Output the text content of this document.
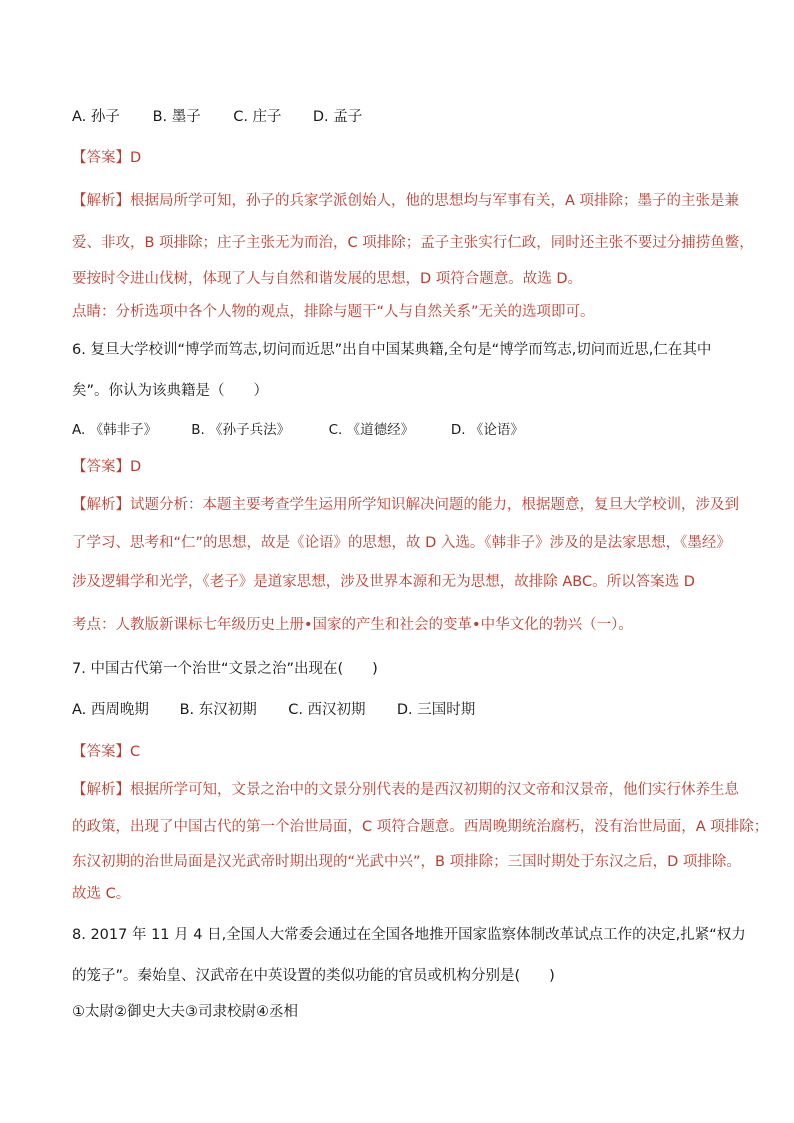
A. 孙子 B. 墨子 C. 庄子 D. 孟子
【答案】D
【解析】根据局所学可知，孙子的兵家学派创始人，他的思想均与军事有关，A 项排除；墨子的主张是兼
爱、非攻，B 项排除；庄子主张无为而治，C 项排除；孟子主张实行仁政，同时还主张不要过分捕捞鱼鳖，
要按时令进山伐树，体现了人与自然和谐发展的思想，D 项符合题意。故选 D。
点睛：分析选项中各个人物的观点，排除与题干“人与自然关系”无关的选项即可。
6. 复旦大学校训“博学而笃志,切问而近思”出自中国某典籍,全句是“博学而笃志,切问而近思,仁在其中
矣”。你认为该典籍是（　　）
A. 《韩非子》	B. 《孙子兵法》	C. 《道德经》	D. 《论语》
【答案】D
【解析】试题分析：本题主要考查学生运用所学知识解决问题的能力，根据题意，复旦大学校训，涉及到
了学习、思考和“仁”的思想，故是《论语》的思想，故 D 入选。《韩非子》涉及的是法家思想，《墨经》
涉及逻辑学和光学，《老子》是道家思想，涉及世界本源和无为思想，故排除 ABC。所以答案选 D
考点：人教版新课标七年级历史上册•国家的产生和社会的变革•中华文化的勃兴（一）。
7. 中国古代第一个治世“文景之治”出现在(　　)
A. 西周晚期 B. 东汉初期 C. 西汉初期 D. 三国时期
【答案】C
【解析】根据所学可知，文景之治中的文景分别代表的是西汉初期的汉文帝和汉景帝，他们实行休养生息
的政策，出现了中国古代的第一个治世局面，C 项符合题意。西周晚期统治腐朽，没有治世局面，A 项排除；
东汉初期的治世局面是汉光武帝时期出现的“光武中兴”，B 项排除；三国时期处于东汉之后，D 项排除。
故选 C。
8. 2017 年 11 月 4 日,全国人大常委会通过在全国各地推开国家监察体制改革试点工作的决定,扎紧“权力
的笼子”。秦始皇、汉武帝在中英设置的类似功能的官员或机构分别是(　　)
①太尉②御史大夫③司隶校尉④丞相
